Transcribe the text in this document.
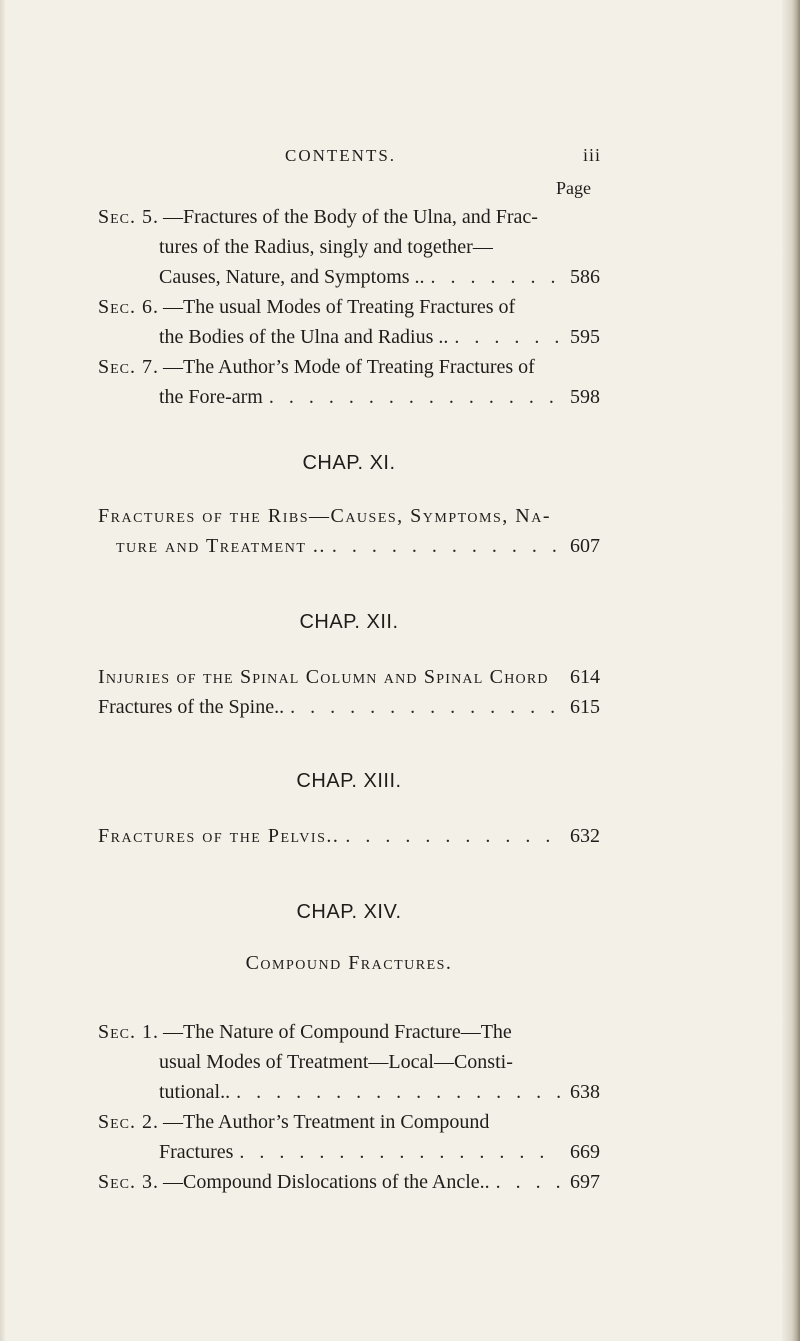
CONTENTS.	iii
Page
Sec. 5. —Fractures of the Body of the Ulna, and Frac-
tures of the Radius, singly and together—
Causes, Nature, and Symptoms .. . . .	586
Sec. 6. —The usual Modes of Treating Fractures of
the Bodies of the Ulna and Radius .. . . .	595
Sec. 7. —The Author’s Mode of Treating Fractures of
the Fore-arm . . .	598
CHAP. XI.
Fractures of the Ribs—Causes, Symptoms, Na-
ture and Treatment .. . . .	607
CHAP. XII.
Injuries of the Spinal Column and Spinal Chord 614
Fractures of the Spine.. . . .	615
CHAP. XIII.
Fractures of the Pelvis.. . . .	632
CHAP. XIV.
Compound Fractures.
Sec. 1. —The Nature of Compound Fracture—The
usual Modes of Treatment—Local—Consti-
tutional.. . . .	638
Sec. 2. —The Author’s Treatment in Compound
Fractures . . .	669
Sec. 3. —Compound Dislocations of the Ancle.. . . .	697
